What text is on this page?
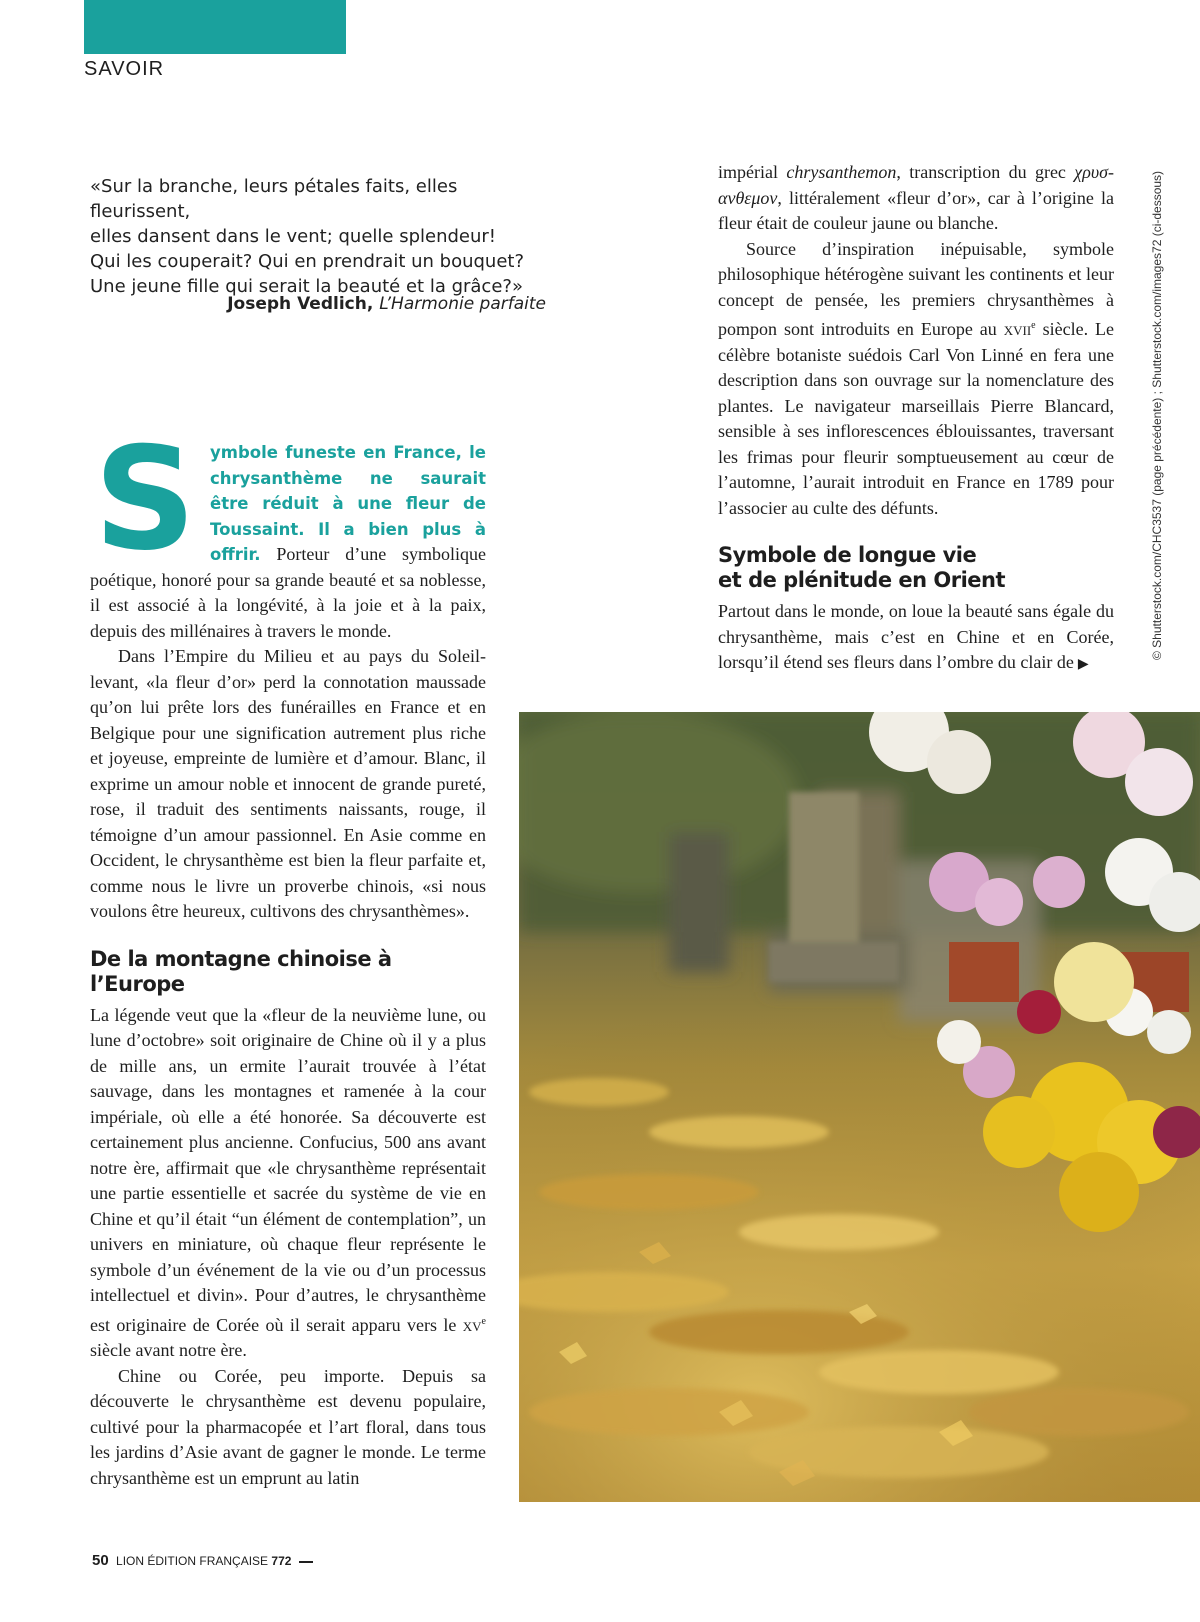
SAVOIR

«Sur la branche, leurs pétales faits, elles fleurissent,

elles dansent dans le vent; quelle splendeur!

Qui les couperait? Qui en prendrait un bouquet?

Une jeune fille qui serait la beauté et la grâce?»

Joseph Vedlich, L’Harmonie parfaite
S ymbole funeste en France, le chrysanthème ne saurait être réduit à une fleur de Toussaint. Il a bien plus à offrir. Porteur d’une symbolique poétique, honoré pour sa grande beauté et sa noblesse, il est associé à la longévité, à la joie et à la paix, depuis des millénaires à travers le monde.

Dans l’Empire du Milieu et au pays du Soleil-levant, «la fleur d’or» perd la connotation maussade qu’on lui prête lors des funérailles en France et en Belgique pour une signification autrement plus riche et joyeuse, empreinte de lumière et d’amour. Blanc, il exprime un amour noble et innocent de grande pureté, rose, il traduit des sentiments naissants, rouge, il témoigne d’un amour passionnel. En Asie comme en Occident, le chrysanthème est bien la fleur parfaite et, comme nous le livre un proverbe chinois, «si nous voulons être heureux, cultivons des chrysanthèmes».

De la montagne chinoise à l’Europe

La légende veut que la «fleur de la neuvième lune, ou lune d’octobre» soit originaire de Chine où il y a plus de mille ans, un ermite l’aurait trouvée à l’état sauvage, dans les montagnes et ramenée à la cour impériale, où elle a été honorée. Sa découverte est certainement plus ancienne. Confucius, 500 ans avant notre ère, affirmait que «le chrysanthème représentait une partie essentielle et sacrée du système de vie en Chine et qu’il était “un élément de contemplation”, un univers en miniature, où chaque fleur représente le symbole d’un événement de la vie ou d’un processus intellectuel et divin». Pour d’autres, le chrysanthème est originaire de Corée où il serait apparu vers le $xv^e$ siècle avant notre ère.

Chine ou Corée, peu importe. Depuis sa découverte le chrysanthème est devenu populaire, cultivé pour la pharmacopée et l’art floral, dans tous les jardins d’Asie avant de gagner le monde. Le terme chrysanthème est un emprunt au latin

impérial chrysanthemon, transcription du grec χρυσ-ανθεμον, littéralement «fleur d’or», car à l’origine la fleur était de couleur jaune ou blanche.

Source d’inspiration inépuisable, symbole philosophique hétérogène suivant les continents et leur concept de pensée, les premiers chrysanthèmes à pompon sont introduits en Europe au xvii$^e$ siècle. Le célèbre botaniste suédois Carl Von Linné en fera une description dans son ouvrage sur la nomenclature des plantes. Le navigateur marseillais Pierre Blancard, sensible à ses inflorescences éblouissantes, traversant les frimas pour fleurir somptueusement au cœur de l’automne, l’aurait introduit en France en 1789 pour l’associer au culte des défunts.

Symbole de longue vie
et de plénitude en Orient

Partout dans le monde, on loue la beauté sans égale du chrysanthème, mais c’est en Chine et en Corée, lorsqu’il étend ses fleurs dans l’ombre du clair de ▶

© Shutterstock.com/CHC3537 (page précédente) ; Shutterstock.com/images72 (ci-dessous)
50 LION ÉDITION FRANÇAISE 772
